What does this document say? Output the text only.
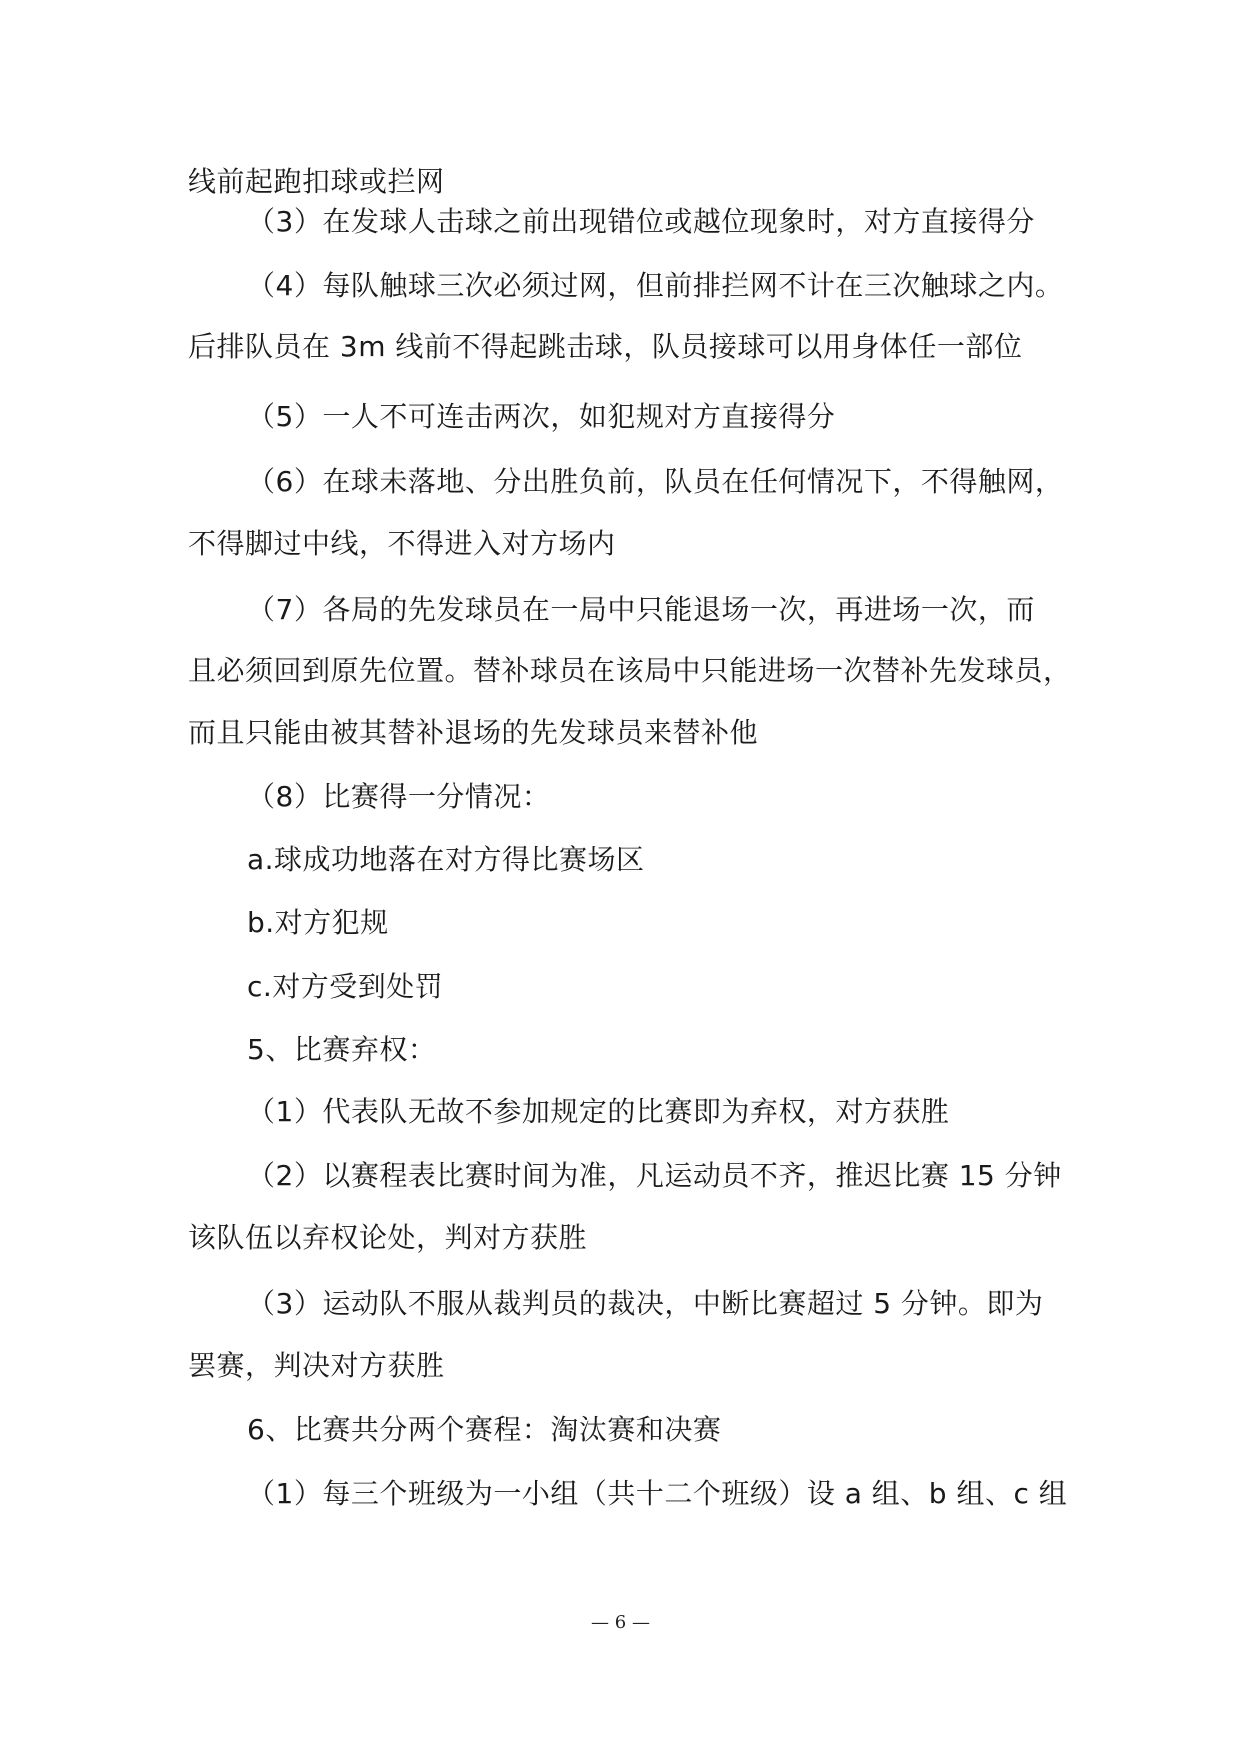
线前起跑扣球或拦网
（3）在发球人击球之前出现错位或越位现象时，对方直接得分
（4）每队触球三次必须过网，但前排拦网不计在三次触球之内。
后排队员在 3m 线前不得起跳击球，队员接球可以用身体任一部位
（5）一人不可连击两次，如犯规对方直接得分
（6）在球未落地、分出胜负前，队员在任何情况下，不得触网，
不得脚过中线，不得进入对方场内
（7）各局的先发球员在一局中只能退场一次，再进场一次，而
且必须回到原先位置。替补球员在该局中只能进场一次替补先发球员，
而且只能由被其替补退场的先发球员来替补他
（8）比赛得一分情况：
a.球成功地落在对方得比赛场区
b.对方犯规
c.对方受到处罚
5、比赛弃权：
（1）代表队无故不参加规定的比赛即为弃权，对方获胜
（2）以赛程表比赛时间为准，凡运动员不齐，推迟比赛 15 分钟
该队伍以弃权论处，判对方获胜
（3）运动队不服从裁判员的裁决，中断比赛超过 5 分钟。即为
罢赛，判决对方获胜
6、比赛共分两个赛程：淘汰赛和决赛
（1）每三个班级为一小组（共十二个班级）设 a 组、b 组、c 组
— 6 —
